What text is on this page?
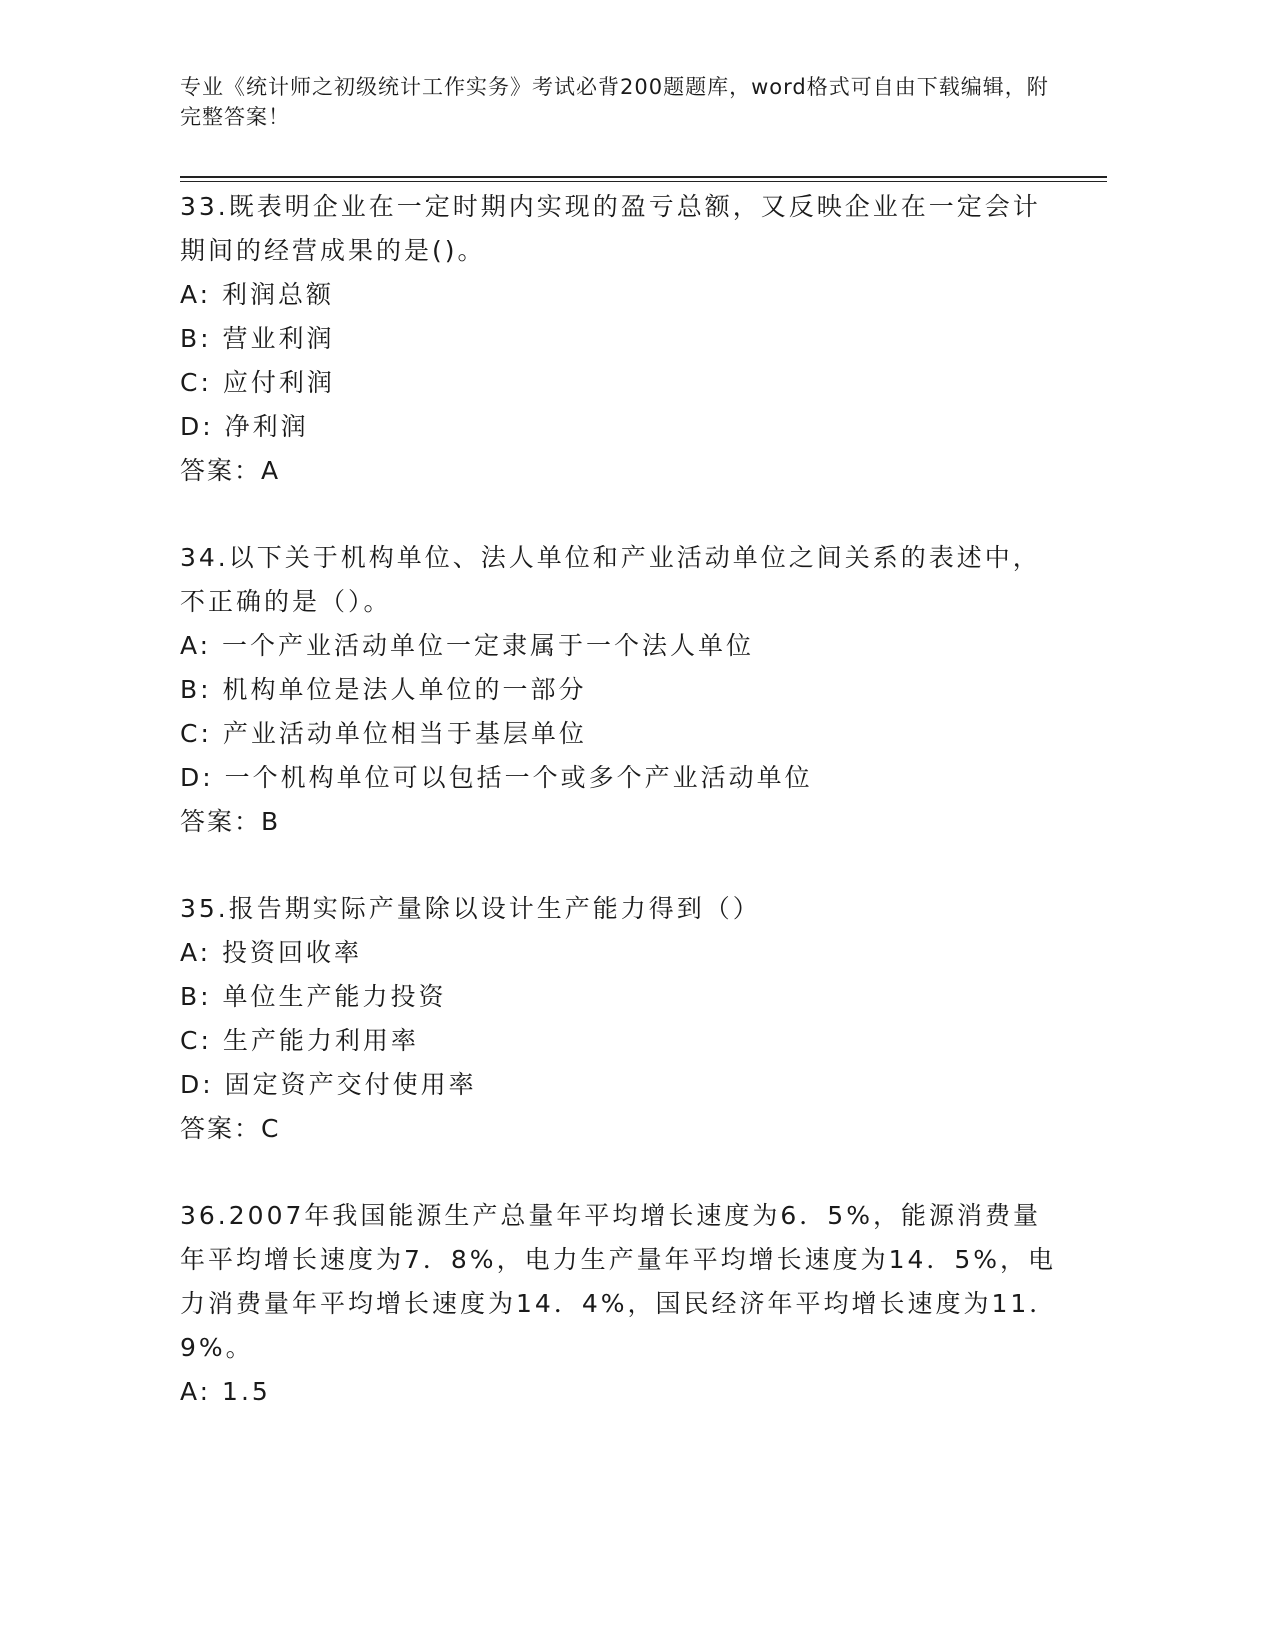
专业《统计师之初级统计工作实务》考试必背200题题库，word格式可自由下载编辑，附完整答案！

33.既表明企业在一定时期内实现的盈亏总额，又反映企业在一定会计期间的经营成果的是()。

A: 利润总额

B: 营业利润

C: 应付利润

D: 净利润

答案：A

34.以下关于机构单位、法人单位和产业活动单位之间关系的表述中，不正确的是（）。

A: 一个产业活动单位一定隶属于一个法人单位

B: 机构单位是法人单位的一部分

C: 产业活动单位相当于基层单位

D: 一个机构单位可以包括一个或多个产业活动单位

答案：B

35.报告期实际产量除以设计生产能力得到（）

A: 投资回收率

B: 单位生产能力投资

C: 生产能力利用率

D: 固定资产交付使用率

答案：C

36.2007年我国能源生产总量年平均增长速度为6．5%，能源消费量年平均增长速度为7．8%，电力生产量年平均增长速度为14．5%，电力消费量年平均增长速度为14．4%，国民经济年平均增长速度为11．9%。

A: 1.5
